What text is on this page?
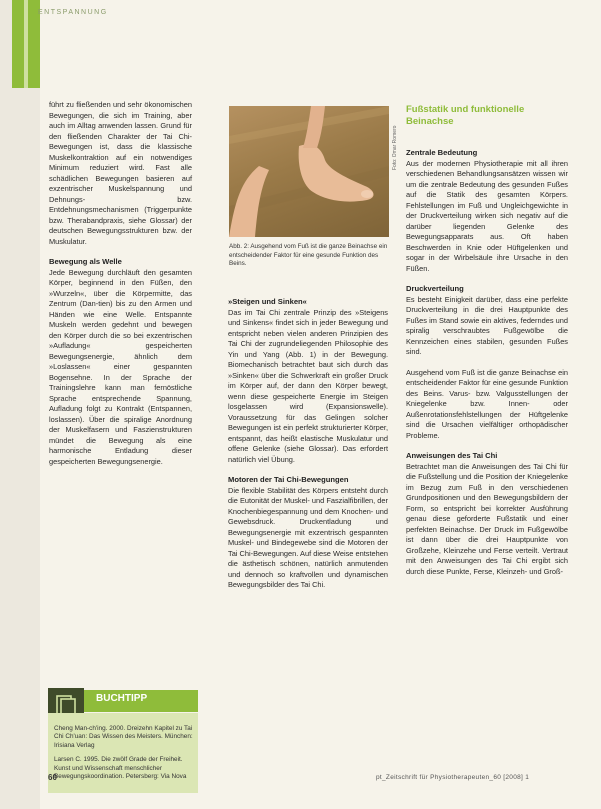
ENTSPANNUNG

führt zu fließenden und sehr ökonomischen Bewegungen, die sich im Training, aber auch im Alltag anwenden lassen. Grund für den fließenden Charakter der Tai Chi-Bewegungen ist, dass die klassische Muskelkontraktion auf ein notwendiges Minimum reduziert wird. Fast alle schädlichen Bewegungen basieren auf exzentrischer Muskelspannung und Dehnungs- bzw. Entdehnungsmechanismen (Triggerpunkte bzw. Therabandpraxis, siehe Glossar) der deutschen Bewegungsstrukturen bzw. der Muskulatur.

Bewegung als Welle

Jede Bewegung durchläuft den gesamten Körper, beginnend in den Füßen, den »Wurzeln«, über die Körpermitte, das Zentrum (Dan-tien) bis zu den Armen und Händen wie eine Welle. Entspannte Muskeln werden gedehnt und bewegen den Körper durch die so bei exzentrischen »Aufladung« gespeicherten Bewegungsenergie, ähnlich dem »Loslassen« einer gespannten Bogensehne. In der Sprache der Trainingslehre kann man fernöstliche Sprache entsprechende Spannung, Aufladung folgt zu Kontrakt (Entspannen, loslassen). Über die spiralige Anordnung der Muskelfasern und Faszienstrukturen mündet die Bewegung als eine harmonische Entladung dieser gespeicherten Bewegungsenergie.

BUCHTIPP
Cheng Man-ch'ing. 2000. Dreizehn Kapitel zu Tai Chi Ch'uan: Das Wissen des Meisters. München: Irisiana Verlag
Larsen C. 1995. Die zwölf Grade der Freiheit. Kunst und Wissenschaft menschlicher Bewegungskoordination. Petersberg: Via Nova
Foto: Omar Romero
Abb. 2: Ausgehend vom Fuß ist die ganze Beinachse ein entscheidender Faktor für eine gesunde Funktion des Beins.
»Steigen und Sinken«

Das im Tai Chi zentrale Prinzip des »Steigens und Sinkens« findet sich in jeder Bewegung und entspricht neben vielen anderen Prinzipien des Tai Chi der zugrundeliegenden Philosophie des Yin und Yang (Abb. 1) in der Bewegung. Biomechanisch betrachtet baut sich durch das »Sinken« über die Schwerkraft ein großer Druck im Körper auf, der dann den Körper bewegt, wenn diese gespeicherte Energie im Steigen losgelassen wird (Expansionswelle). Voraussetzung für das Gelingen solcher Bewegungen ist ein perfekt strukturierter Körper, entspannt, das heißt elastische Muskulatur und offene Gelenke (siehe Glossar). Das erfordert natürlich viel Übung.

Motoren der Tai Chi-Bewegungen

Die flexible Stabilität des Körpers entsteht durch die Eutonität der Muskel- und Faszialfibrillen, der Knochenbiegespannung und dem Knochen- und Gewebsdruck. Druckentladung und Bewegungsenergie mit exzentrisch gespannten Muskel- und Bindegewebe sind die Motoren der Tai Chi-Bewegungen. Auf diese Weise entstehen die ästhetisch schönen, natürlich anmutenden und dennoch so kraftvollen und dynamischen Bewegungsbilder des Tai Chi.

Fußstatik und funktionelle Beinachse
Zentrale Bedeutung

Aus der modernen Physiotherapie mit all ihren verschiedenen Behandlungsansätzen wissen wir um die zentrale Bedeutung des gesunden Fußes auf die Statik des gesamten Körpers. Fehlstellungen im Fuß und Ungleichgewichte in der Druckverteilung wirken sich negativ auf die darüber liegenden Gelenke des Bewegungsapparats aus. Oft haben Beschwerden in Knie oder Hüftgelenken und sogar in der Wirbelsäule ihre Ursache in den Füßen.

Druckverteilung

Es besteht Einigkeit darüber, dass eine perfekte Druckverteilung in die drei Hauptpunkte des Fußes im Stand sowie ein aktives, federndes und spiralig verschraubtes Fußgewölbe die Kennzeichen eines stabilen, gesunden Fußes sind.

Ausgehend vom Fuß ist die ganze Beinachse ein entscheidender Faktor für eine gesunde Funktion des Beins. Varus- bzw. Valgusstellungen der Kniegelenke bzw. Innen- oder Außenrotationsfehlstellungen der Hüftgelenke sind die Ursachen vielfältiger orthopädischer Probleme.

Anweisungen des Tai Chi

Betrachtet man die Anweisungen des Tai Chi für die Fußstellung und die Position der Kniegelenke im Bezug zum Fuß in den verschiedenen Grundpositionen und den Bewegungsbildern der Form, so entspricht bei korrekter Ausführung genau diese geforderte Fußstatik und einer perfekten Beinachse. Der Druck im Fußgewölbe ist dann über die drei Hauptpunkte von Großzehe, Kleinzehe und Ferse verteilt. Vertraut mit den Anweisungen des Tai Chi ergibt sich durch diese Punkte, Ferse, Kleinzeh- und Groß-

60	pt_Zeitschrift für Physiotherapeuten_60 [2008] 1
